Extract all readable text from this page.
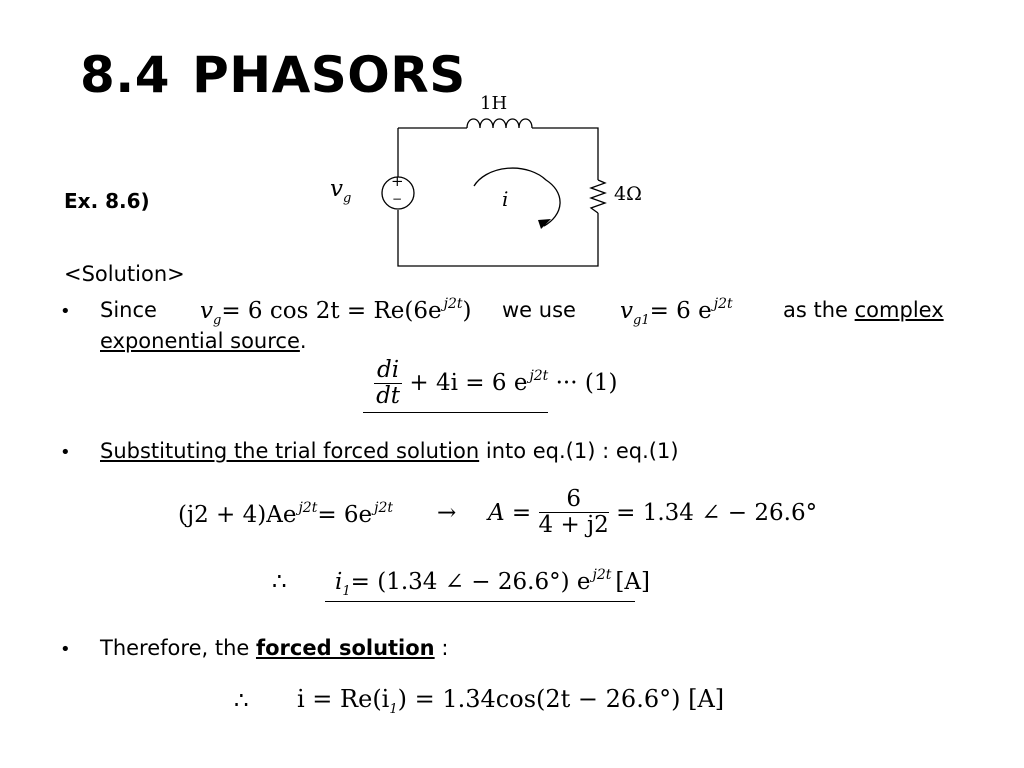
8.4 PHASORS 1H
$v_g$
+
−	i	4Ω
Ex. 8.6)
<Solution>
• Since $v_g= 6$ cos 2t = Re(6e $^{j2t}$) we use $v_{g1}= 6$ e $^{j2t}$ as the complex
exponential source.
$\frac{di}{dt} + 4i = 6$ e $^{j2t}$ ··· (1)
• Substituting the trial forced solution into eq.(1) : eq.(1)
(j2 + 4)Ae $^{j2t}$= 6e $^{j2t} \to A = \frac{6}{4 + j2} = 1.34$ ∠ − 26.6°
∴ $i_1= (1.34$ ∠ − 26.6°) e $^{j2t}$ [A]
• Therefore, the forced solution :
∴ $i = Re(i_1) = 1.34\cos(2t - 26.6^\circ)$ [A]
